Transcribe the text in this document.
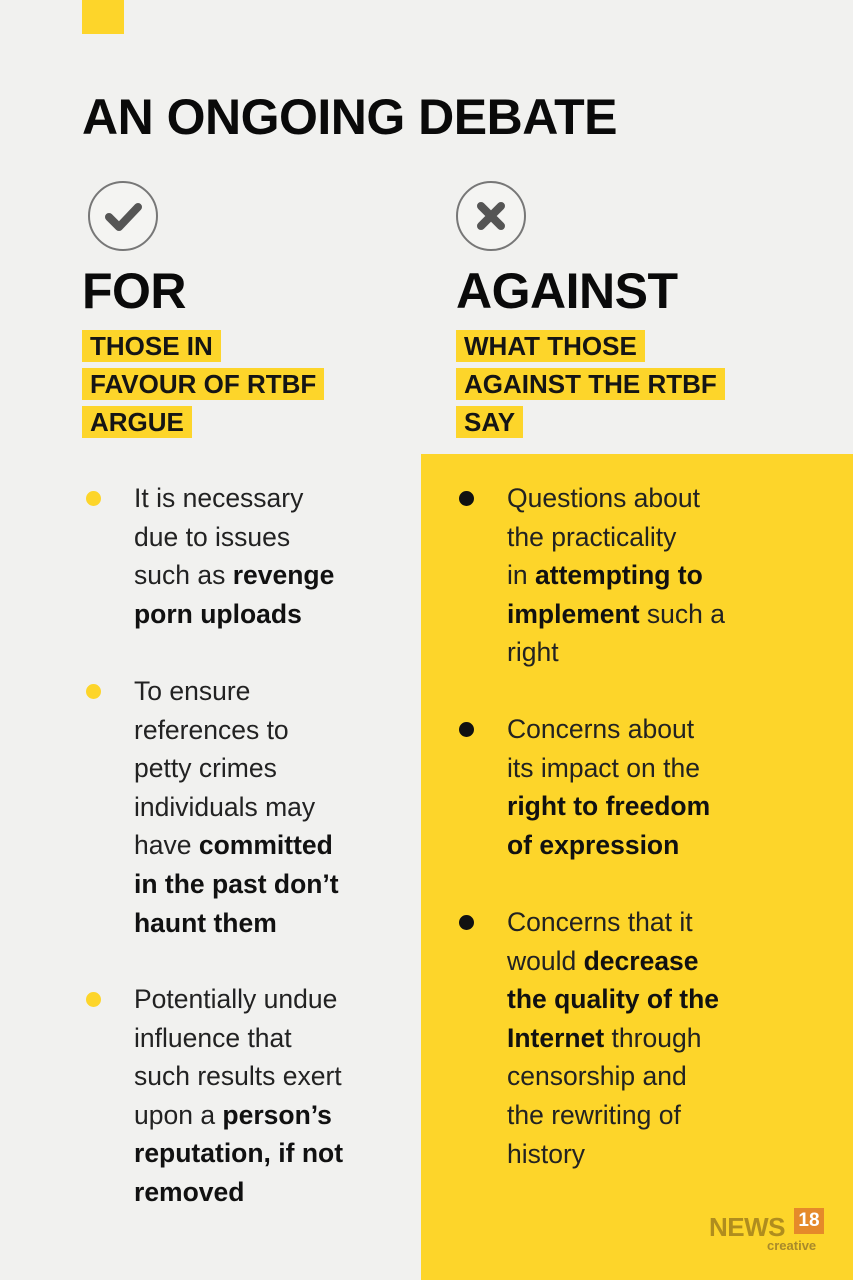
AN ONGOING DEBATE
FOR
THOSE IN
FAVOUR OF RTBF
ARGUE
It is necessary
due to issues
such as revenge
porn uploads
To ensure
references to
petty crimes
individuals may
have committed
in the past don’t
haunt them
Potentially undue
influence that
such results exert
upon a person’s
reputation, if not
removed
AGAINST
WHAT THOSE
AGAINST THE RTBF
SAY
Questions about
the practicality
in attempting to
implement such a
right
Concerns about
its impact on the
right to freedom
of expression
Concerns that it
would decrease
the quality of the
Internet through
censorship and
the rewriting of
history
NEWS 18
creative
